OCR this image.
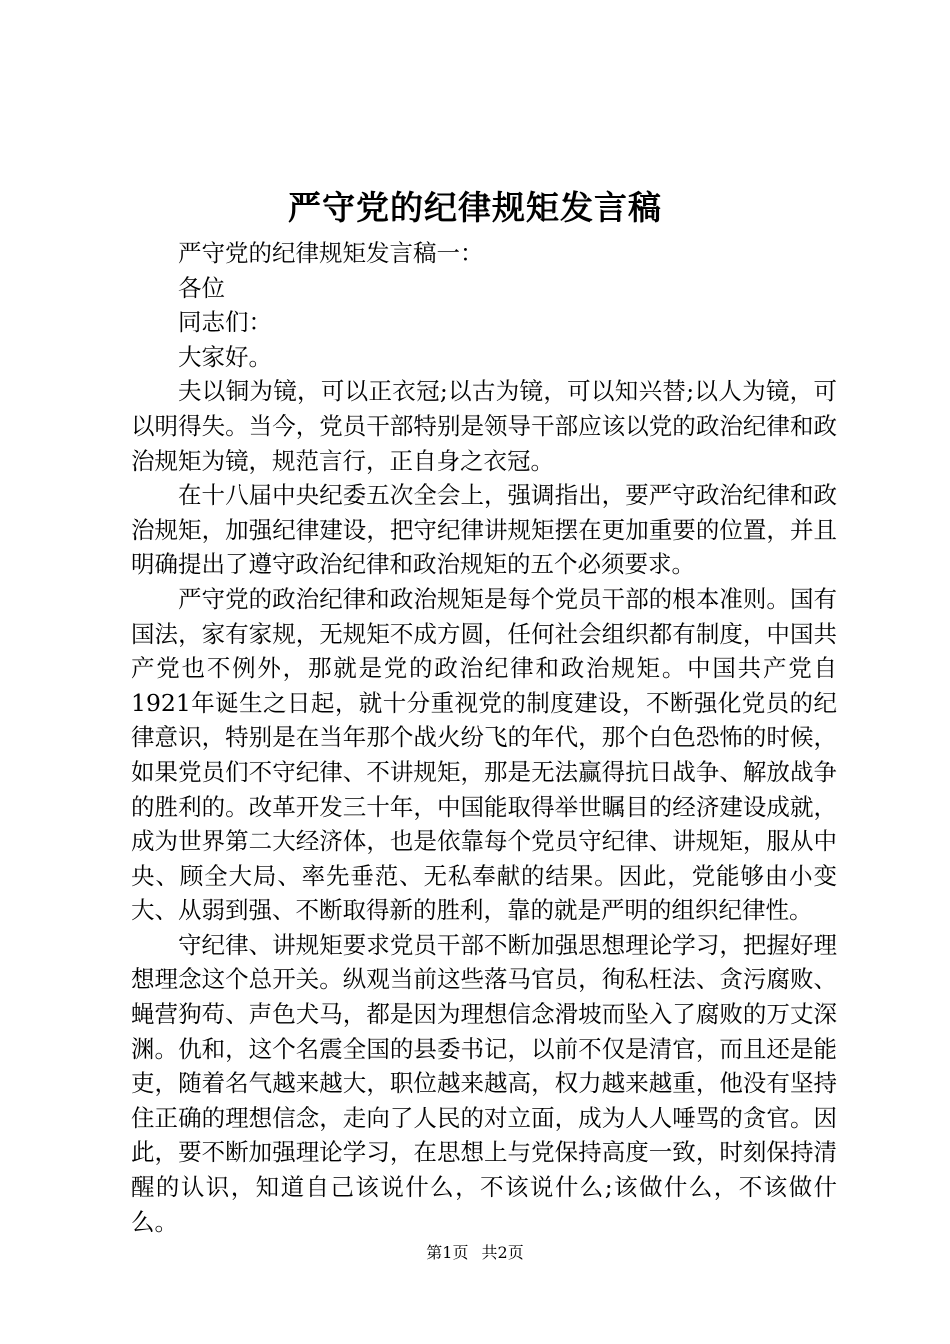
严守党的纪律规矩发言稿

严守党的纪律规矩发言稿一：

各位

同志们：

大家好。

夫以铜为镜，可以正衣冠;以古为镜，可以知兴替;以人为镜，可以明得失。当今，党员干部特别是领导干部应该以党的政治纪律和政治规矩为镜，规范言行，正自身之衣冠。

在十八届中央纪委五次全会上，强调指出，要严守政治纪律和政治规矩，加强纪律建设，把守纪律讲规矩摆在更加重要的位置，并且明确提出了遵守政治纪律和政治规矩的五个必须要求。

严守党的政治纪律和政治规矩是每个党员干部的根本准则。国有国法，家有家规，无规矩不成方圆，任何社会组织都有制度，中国共产党也不例外，那就是党的政治纪律和政治规矩。中国共产党自1921年诞生之日起，就十分重视党的制度建设，不断强化党员的纪律意识，特别是在当年那个战火纷飞的年代，那个白色恐怖的时候，如果党员们不守纪律、不讲规矩，那是无法赢得抗日战争、解放战争的胜利的。改革开发三十年，中国能取得举世瞩目的经济建设成就，成为世界第二大经济体，也是依靠每个党员守纪律、讲规矩，服从中央、顾全大局、率先垂范、无私奉献的结果。因此，党能够由小变大、从弱到强、不断取得新的胜利，靠的就是严明的组织纪律性。

守纪律、讲规矩要求党员干部不断加强思想理论学习，把握好理想理念这个总开关。纵观当前这些落马官员，徇私枉法、贪污腐败、蝇营狗苟、声色犬马，都是因为理想信念滑坡而坠入了腐败的万丈深渊。仇和，这个名震全国的县委书记，以前不仅是清官，而且还是能吏，随着名气越来越大，职位越来越高，权力越来越重，他没有坚持住正确的理想信念，走向了人民的对立面，成为人人唾骂的贪官。因此，要不断加强理论学习，在思想上与党保持高度一致，时刻保持清醒的认识，知道自己该说什么，不该说什么;该做什么，不该做什么。

第1页 共2页
